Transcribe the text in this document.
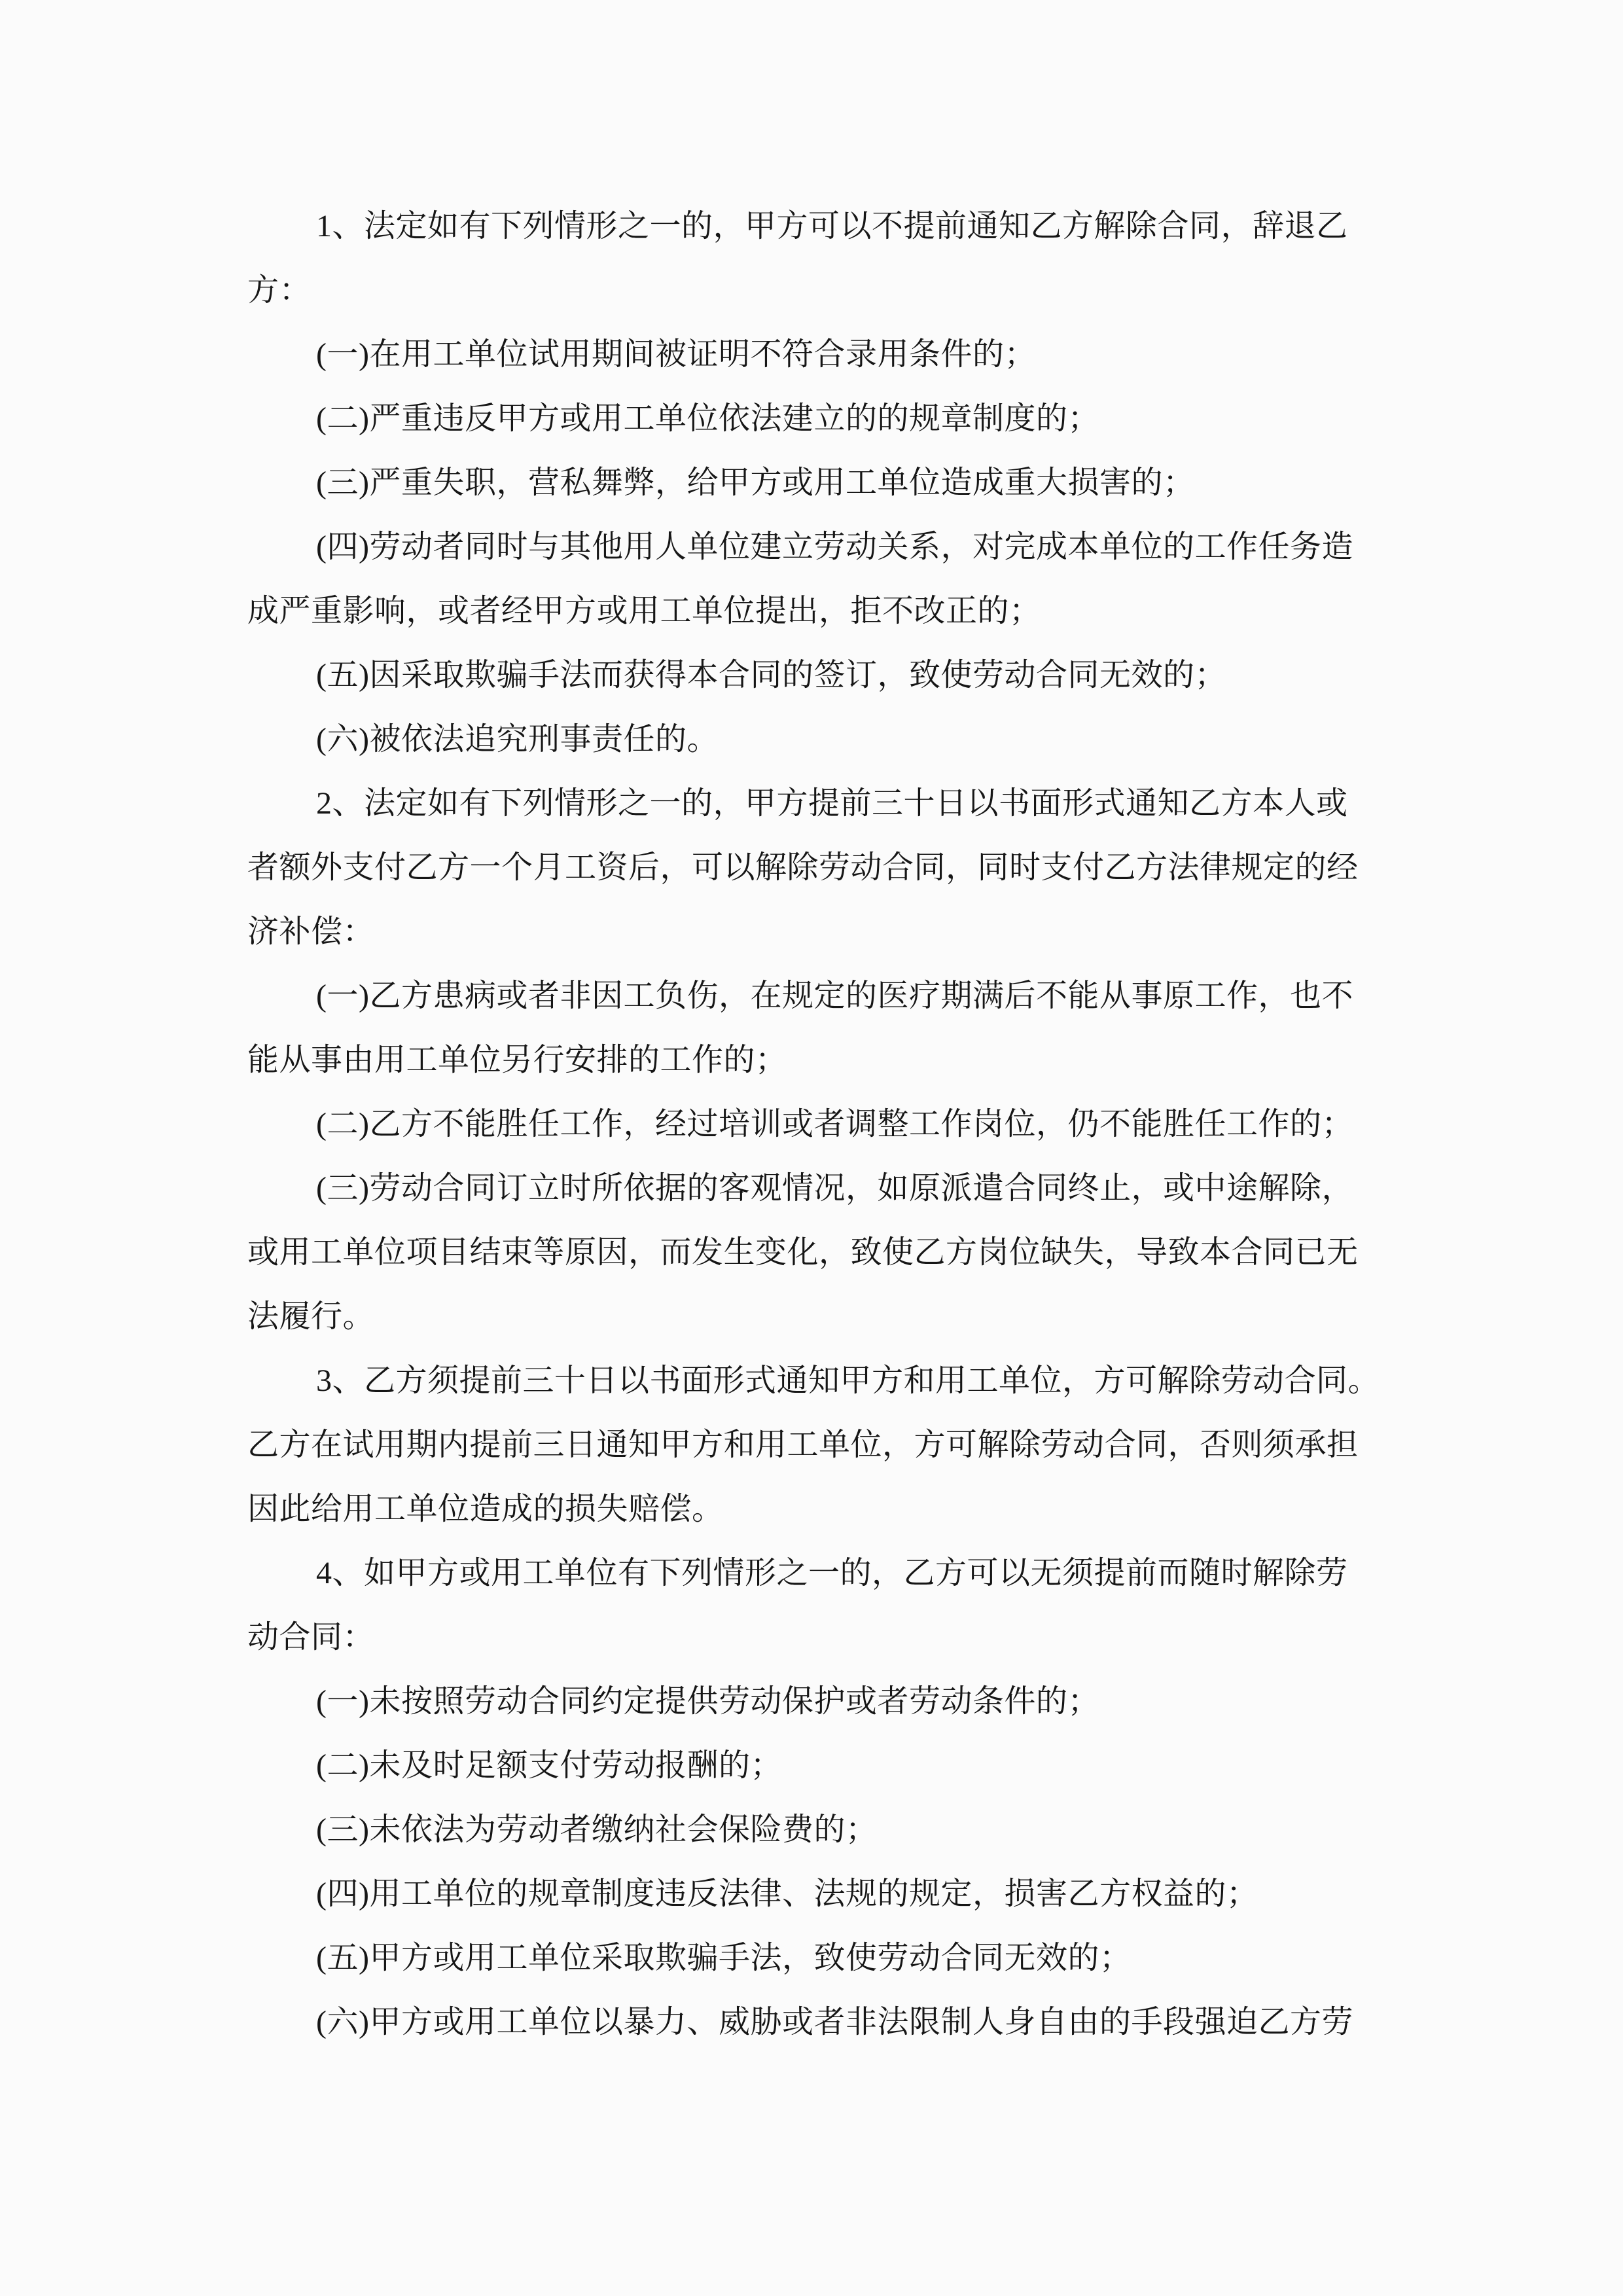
1、法定如有下列情形之一的，甲方可以不提前通知乙方解除合同，辞退乙
方：
(一)在用工单位试用期间被证明不符合录用条件的；
(二)严重违反甲方或用工单位依法建立的的规章制度的；
(三)严重失职，营私舞弊，给甲方或用工单位造成重大损害的；
(四)劳动者同时与其他用人单位建立劳动关系，对完成本单位的工作任务造
成严重影响，或者经甲方或用工单位提出，拒不改正的；
(五)因采取欺骗手法而获得本合同的签订，致使劳动合同无效的；
(六)被依法追究刑事责任的。
2、法定如有下列情形之一的，甲方提前三十日以书面形式通知乙方本人或
者额外支付乙方一个月工资后，可以解除劳动合同，同时支付乙方法律规定的经
济补偿：
(一)乙方患病或者非因工负伤，在规定的医疗期满后不能从事原工作，也不
能从事由用工单位另行安排的工作的；
(二)乙方不能胜任工作，经过培训或者调整工作岗位，仍不能胜任工作的；
(三)劳动合同订立时所依据的客观情况，如原派遣合同终止，或中途解除，
或用工单位项目结束等原因，而发生变化，致使乙方岗位缺失，导致本合同已无
法履行。
3、乙方须提前三十日以书面形式通知甲方和用工单位，方可解除劳动合同。
乙方在试用期内提前三日通知甲方和用工单位，方可解除劳动合同，否则须承担
因此给用工单位造成的损失赔偿。
4、如甲方或用工单位有下列情形之一的，乙方可以无须提前而随时解除劳
动合同：
(一)未按照劳动合同约定提供劳动保护或者劳动条件的；
(二)未及时足额支付劳动报酬的；
(三)未依法为劳动者缴纳社会保险费的；
(四)用工单位的规章制度违反法律、法规的规定，损害乙方权益的；
(五)甲方或用工单位采取欺骗手法，致使劳动合同无效的；
(六)甲方或用工单位以暴力、威胁或者非法限制人身自由的手段强迫乙方劳
